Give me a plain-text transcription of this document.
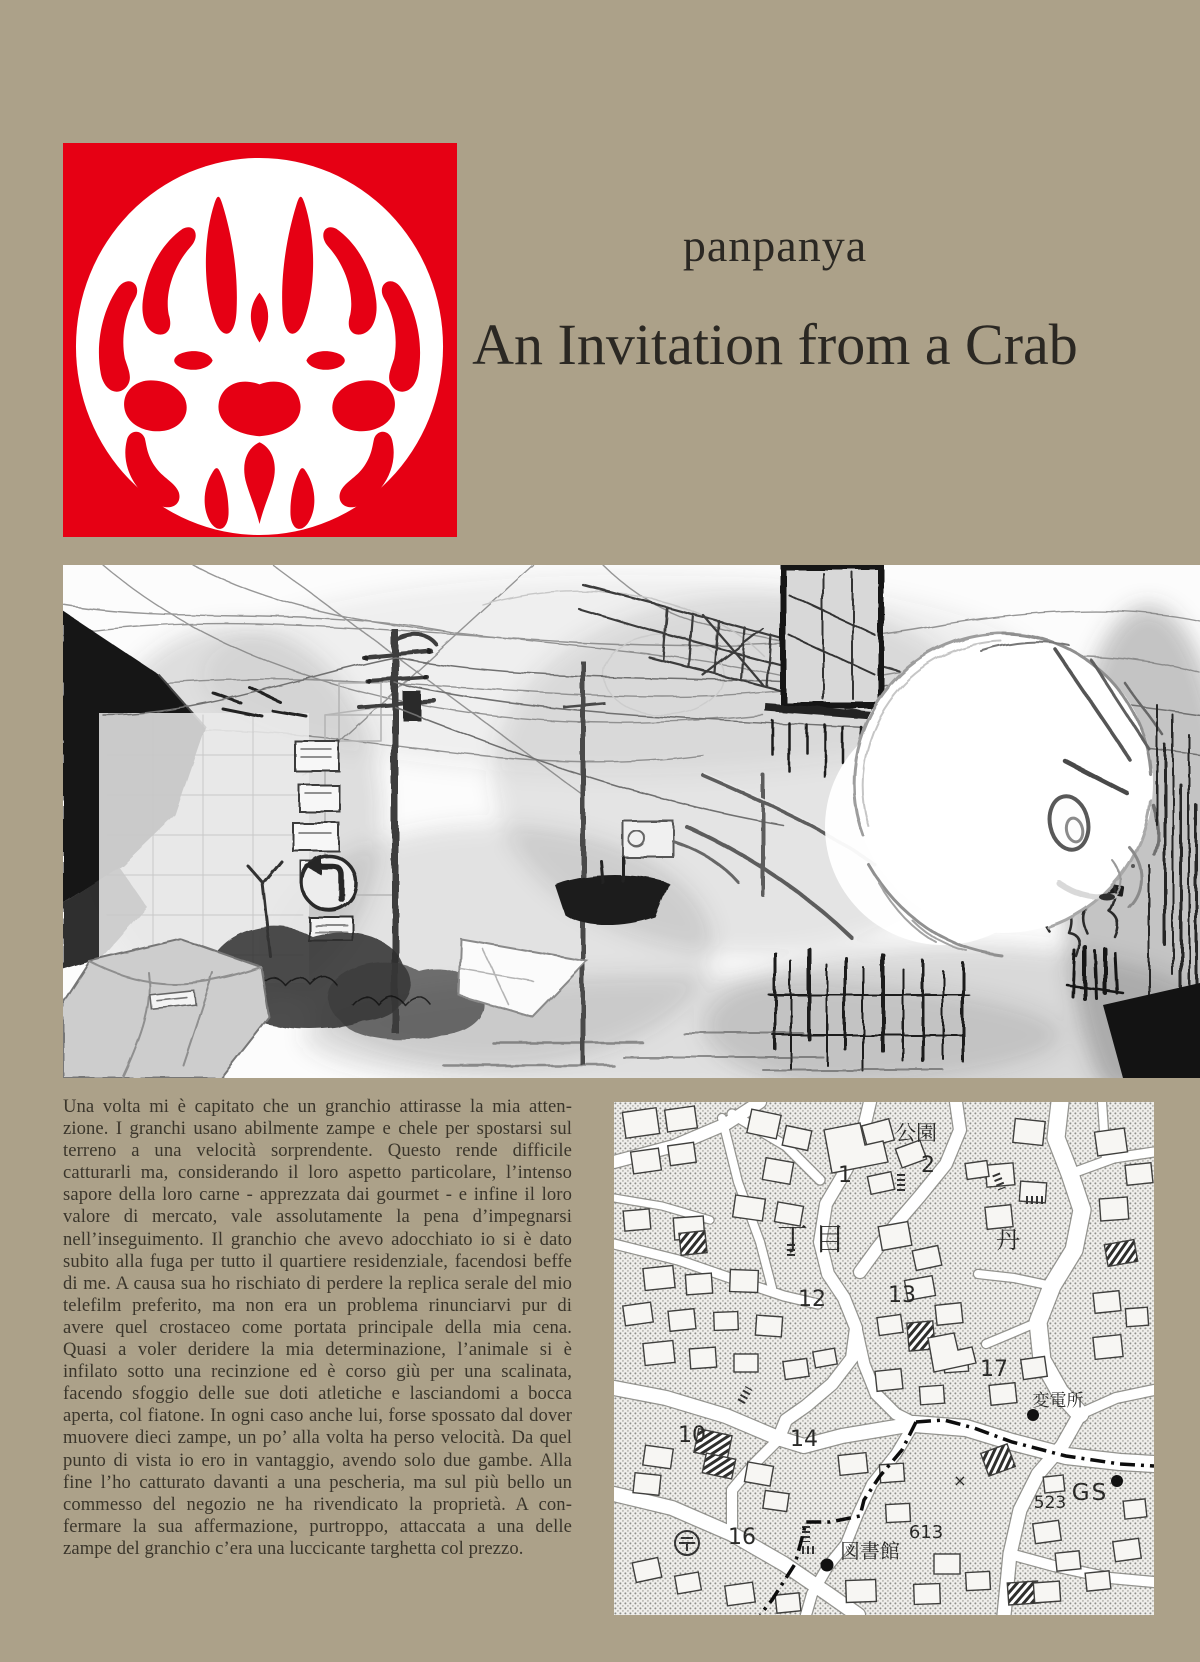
panpanya
An Invitation from a Crab
Una volta mi è capitato che un granchio attirasse la mia atten-
zione. I granchi usano abilmente zampe e chele per spostarsi sul
terreno a una velocità sorprendente. Questo rende difficile
catturarli ma, considerando il loro aspetto particolare, l’intenso
sapore della loro carne - apprezzata dai gourmet - e infine il loro
valore di mercato, vale assolutamente la pena d’impegnarsi
nell’inseguimento. Il granchio che avevo adocchiato io si è dato
subito alla fuga per tutto il quartiere residenziale, facendosi beffe
di me. A causa sua ho rischiato di perdere la replica serale del mio
telefilm preferito, ma non era un problema rinunciarvi pur di
avere quel crostaceo come portata principale della mia cena.
Quasi a voler deridere la mia determinazione, l’animale si è
infilato sotto una recinzione ed è corso giù per una scalinata,
facendo sfoggio delle sue doti atletiche e lasciandomi a bocca
aperta, col fiatone. In ogni caso anche lui, forse spossato dal dover
muovere dieci zampe, un po’ alla volta ha perso velocità. Da quel
punto di vista io ero in vantaggio, avendo solo due gambe. Alla
fine l’ho catturato davanti a una pescheria, ma sul più bello un
commesso del negozio ne ha rivendicato la proprietà. A con-
fermare la sua affermazione, purtroppo, attaccata a una delle
zampe del granchio c’era una luccicante targhetta col prezzo.
公園
2
1
丁目
13
12
丹
17
10	14
変電所
GS
523
613
16
図書館
×
